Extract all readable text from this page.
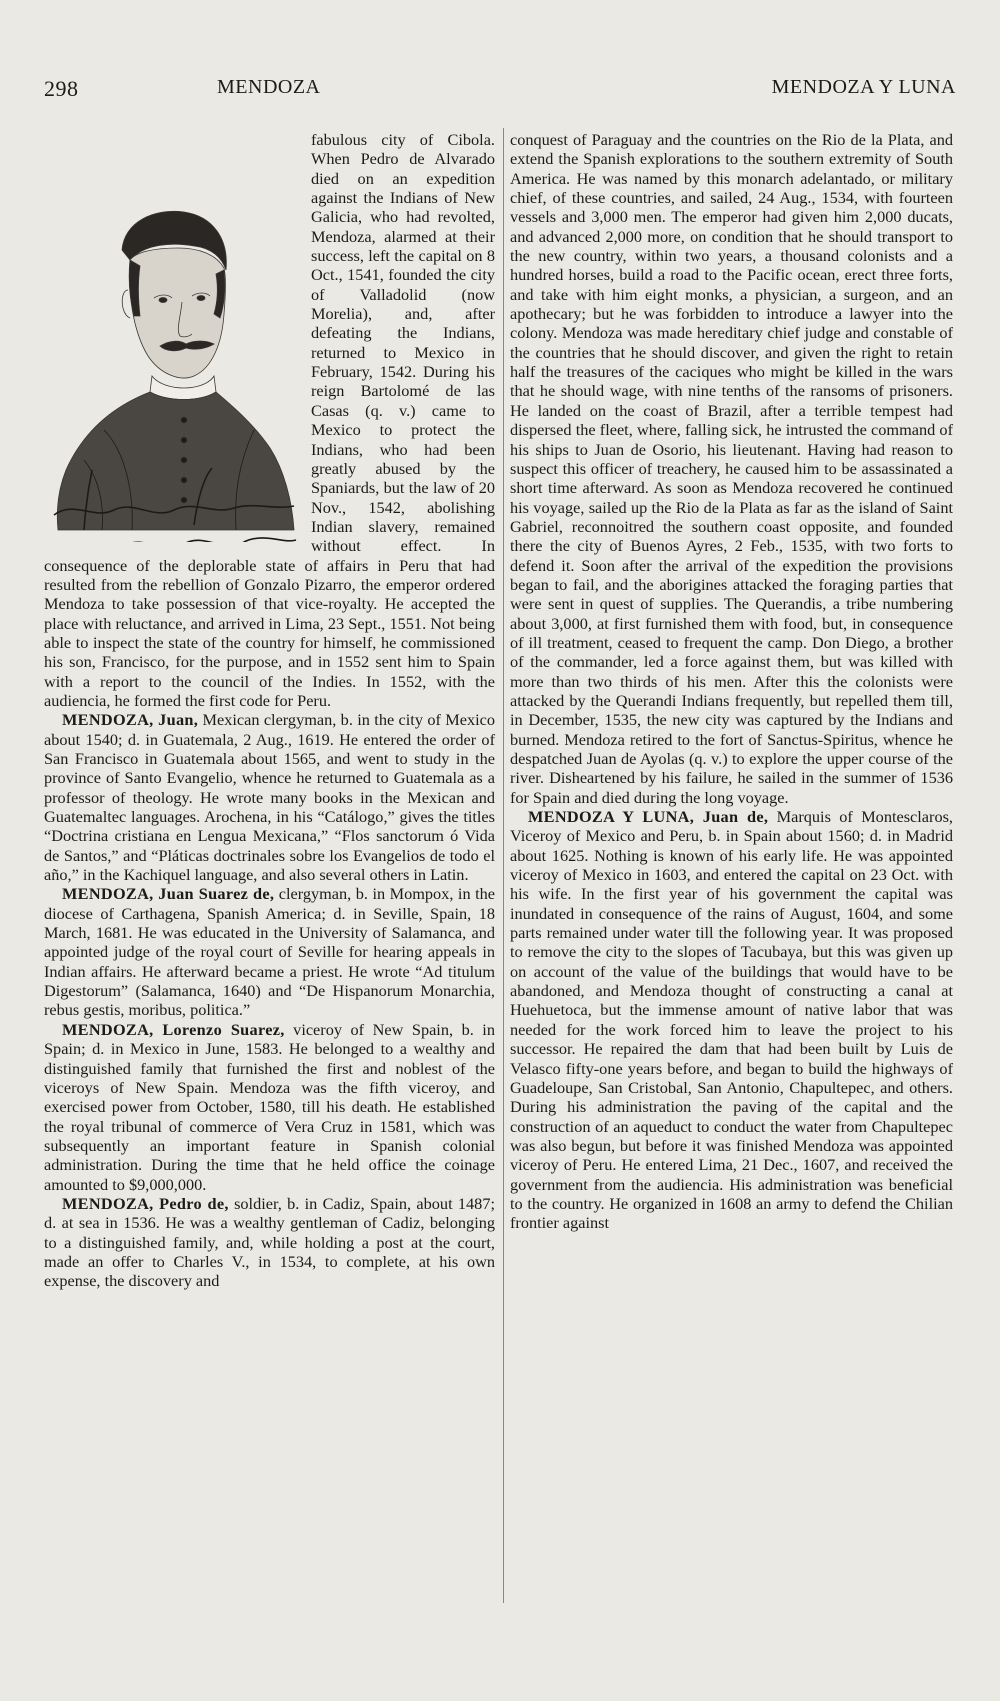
298	MENDOZA	MENDOZA Y LUNA

fabulous city of Cibola. When Pedro de Alvarado died on an expedition against the Indians of New Galicia, who had revolted, Mendoza, alarmed at their success, left the capital on 8 Oct., 1541, founded the city of Valladolid (now Morelia), and, after defeating the Indians, returned to Mexico in February, 1542. During his reign Bartolomé de las Casas (q. v.) came to Mexico to protect the Indians, who had been greatly abused by the Spaniards, but the law of 20 Nov., 1542, abolishing Indian slavery, remained without effect. In consequence of the deplorable state of affairs in Peru that had resulted from the rebellion of Gonzalo Pizarro, the emperor ordered Mendoza to take possession of that vice-royalty. He accepted the place with reluctance, and arrived in Lima, 23 Sept., 1551. Not being able to inspect the state of the country for himself, he commissioned his son, Francisco, for the purpose, and in 1552 sent him to Spain with a report to the council of the Indies. In 1552, with the audiencia, he formed the first code for Peru.

MENDOZA, Juan, Mexican clergyman, b. in the city of Mexico about 1540; d. in Guatemala, 2 Aug., 1619. He entered the order of San Francisco in Guatemala about 1565, and went to study in the province of Santo Evangelio, whence he returned to Guatemala as a professor of theology. He wrote many books in the Mexican and Guatemaltec languages. Arochena, in his “Catálogo,” gives the titles “Doctrina cristiana en Lengua Mexicana,” “Flos sanctorum ó Vida de Santos,” and “Pláticas doctrinales sobre los Evangelios de todo el año,” in the Kachiquel language, and also several others in Latin.

MENDOZA, Juan Suarez de, clergyman, b. in Mompox, in the diocese of Carthagena, Spanish America; d. in Seville, Spain, 18 March, 1681. He was educated in the University of Salamanca, and appointed judge of the royal court of Seville for hearing appeals in Indian affairs. He afterward became a priest. He wrote “Ad titulum Digestorum” (Salamanca, 1640) and “De Hispanorum Monarchia, rebus gestis, moribus, politica.”

MENDOZA, Lorenzo Suarez, viceroy of New Spain, b. in Spain; d. in Mexico in June, 1583. He belonged to a wealthy and distinguished family that furnished the first and noblest of the viceroys of New Spain. Mendoza was the fifth viceroy, and exercised power from October, 1580, till his death. He established the royal tribunal of commerce of Vera Cruz in 1581, which was subsequently an important feature in Spanish colonial administration. During the time that he held office the coinage amounted to $9,000,000.

MENDOZA, Pedro de, soldier, b. in Cadiz, Spain, about 1487; d. at sea in 1536. He was a wealthy gentleman of Cadiz, belonging to a distinguished family, and, while holding a post at the court, made an offer to Charles V., in 1534, to complete, at his own expense, the discovery and

conquest of Paraguay and the countries on the Rio de la Plata, and extend the Spanish explorations to the southern extremity of South America. He was named by this monarch adelantado, or military chief, of these countries, and sailed, 24 Aug., 1534, with fourteen vessels and 3,000 men. The emperor had given him 2,000 ducats, and advanced 2,000 more, on condition that he should transport to the new country, within two years, a thousand colonists and a hundred horses, build a road to the Pacific ocean, erect three forts, and take with him eight monks, a physician, a surgeon, and an apothecary; but he was forbidden to introduce a lawyer into the colony. Mendoza was made hereditary chief judge and constable of the countries that he should discover, and given the right to retain half the treasures of the caciques who might be killed in the wars that he should wage, with nine tenths of the ransoms of prisoners. He landed on the coast of Brazil, after a terrible tempest had dispersed the fleet, where, falling sick, he intrusted the command of his ships to Juan de Osorio, his lieutenant. Having had reason to suspect this officer of treachery, he caused him to be assassinated a short time afterward. As soon as Mendoza recovered he continued his voyage, sailed up the Rio de la Plata as far as the island of Saint Gabriel, reconnoitred the southern coast opposite, and founded there the city of Buenos Ayres, 2 Feb., 1535, with two forts to defend it. Soon after the arrival of the expedition the provisions began to fail, and the aborigines attacked the foraging parties that were sent in quest of supplies. The Querandis, a tribe numbering about 3,000, at first furnished them with food, but, in consequence of ill treatment, ceased to frequent the camp. Don Diego, a brother of the commander, led a force against them, but was killed with more than two thirds of his men. After this the colonists were attacked by the Querandi Indians frequently, but repelled them till, in December, 1535, the new city was captured by the Indians and burned. Mendoza retired to the fort of Sanctus-Spiritus, whence he despatched Juan de Ayolas (q. v.) to explore the upper course of the river. Disheartened by his failure, he sailed in the summer of 1536 for Spain and died during the long voyage.

MENDOZA Y LUNA, Juan de, Marquis of Montesclaros, Viceroy of Mexico and Peru, b. in Spain about 1560; d. in Madrid about 1625. Nothing is known of his early life. He was appointed viceroy of Mexico in 1603, and entered the capital on 23 Oct. with his wife. In the first year of his government the capital was inundated in consequence of the rains of August, 1604, and some parts remained under water till the following year. It was proposed to remove the city to the slopes of Tacubaya, but this was given up on account of the value of the buildings that would have to be abandoned, and Mendoza thought of constructing a canal at Huehuetoca, but the immense amount of native labor that was needed for the work forced him to leave the project to his successor. He repaired the dam that had been built by Luis de Velasco fifty-one years before, and began to build the highways of Guadeloupe, San Cristobal, San Antonio, Chapultepec, and others. During his administration the paving of the capital and the construction of an aqueduct to conduct the water from Chapultepec was also begun, but before it was finished Mendoza was appointed viceroy of Peru. He entered Lima, 21 Dec., 1607, and received the government from the audiencia. His administration was beneficial to the country. He organized in 1608 an army to defend the Chilian frontier against
